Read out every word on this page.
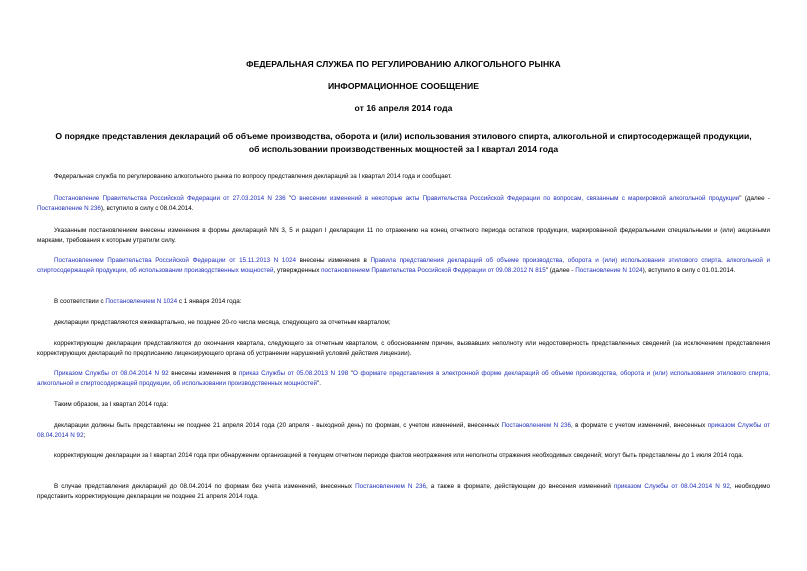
ФЕДЕРАЛЬНАЯ СЛУЖБА ПО РЕГУЛИРОВАНИЮ АЛКОГОЛЬНОГО РЫНКА
ИНФОРМАЦИОННОЕ СООБЩЕНИЕ
от 16 апреля 2014 года
О порядке представления деклараций об объеме производства, оборота и (или) использования этилового спирта, алкогольной и спиртосодержащей продукции,
об использовании производственных мощностей за I квартал 2014 года
Федеральная служба по регулированию алкогольного рынка по вопросу представления деклараций за I квартал 2014 года и сообщает.
Постановление Правительства Российской Федерации от 27.03.2014 N 236 "О внесении изменений в некоторые акты Правительства Российской Федерации по вопросам, связанным с маркировкой алкогольной продукции" (далее - Постановление N 236), вступило в силу с 08.04.2014.
Указанным постановлением внесены изменения в формы деклараций NN 3, 5 и раздел I декларации 11 по отражению на конец отчетного периода остатков продукции, маркированной федеральными специальными и (или) акцизными марками, требования к которым утратили силу.
Постановлением Правительства Российской Федерации от 15.11.2013 N 1024 внесены изменения в Правила представления деклараций об объеме производства, оборота и (или) использования этилового спирта, алкогольной и спиртосодержащей продукции, об использовании производственных мощностей, утвержденных постановлением Правительства Российской Федерации от 09.08.2012 N 815" (далее - Постановление N 1024), вступило в силу с 01.01.2014.
В соответствии с Постановлением N 1024 с 1 января 2014 года:
декларации представляются ежеквартально, не позднее 20-го числа месяца, следующего за отчетным кварталом;
корректирующие декларации представляются до окончания квартала, следующего за отчетным кварталом, с обоснованием причин, вызвавших неполноту или недостоверность представленных сведений (за исключением представления корректирующих деклараций по предписанию лицензирующего органа об устранении нарушений условий действия лицензии).
Приказом Службы от 08.04.2014 N 92 внесены изменения в приказ Службы от 05.08.2013 N 198 "О формате представления в электронной форме деклараций об объеме производства, оборота и (или) использования этилового спирта, алкогольной и спиртосодержащей продукции, об использовании производственных мощностей".
Таким образом, за I квартал 2014 года:
декларации должны быть представлены не позднее 21 апреля 2014 года (20 апреля - выходной день) по формам, с учетом изменений, внесенных Постановлением N 236, в формате с учетом изменений, внесенных приказом Службы от 08.04.2014 N 92;
корректирующие декларации за I квартал 2014 года при обнаружении организацией в текущем отчетном периоде фактов неотражения или неполноты отражения необходимых сведений; могут быть представлены до 1 июля 2014 года.
В случае представления деклараций до 08.04.2014 по формам без учета изменений, внесенных Постановлением N 236, а также в формате, действующем до внесения изменений приказом Службы от 08.04.2014 N 92, необходимо представить корректирующие декларации не позднее 21 апреля 2014 года.
